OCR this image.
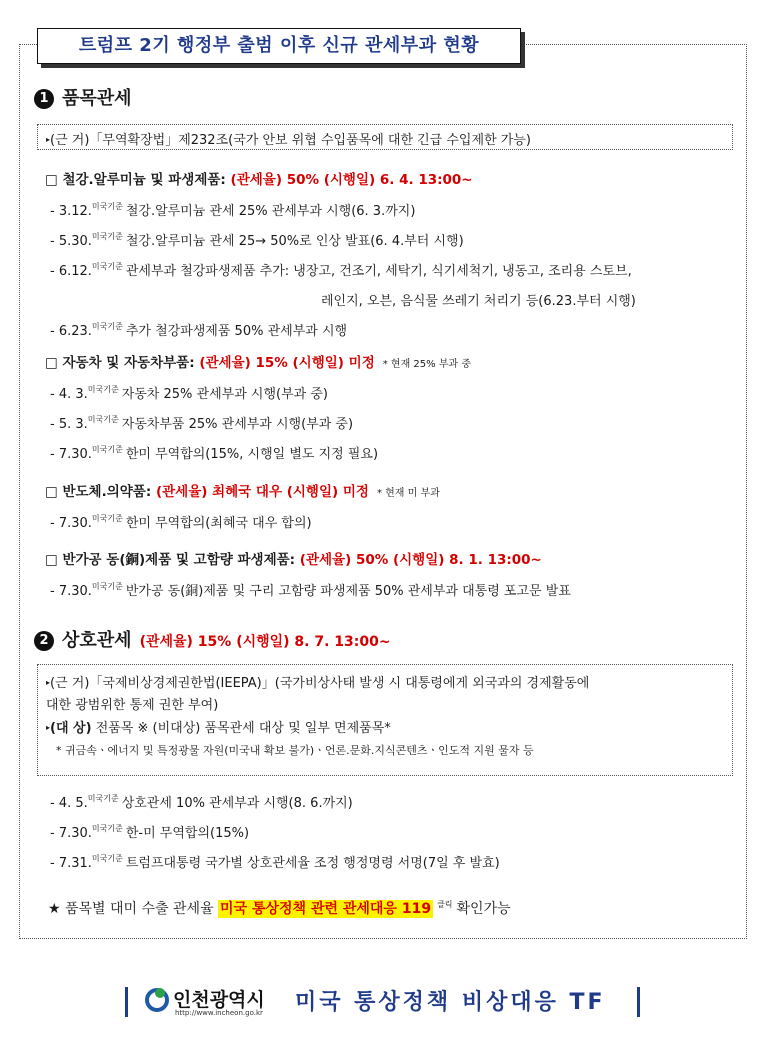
트럼프 2기 행정부 출범 이후 신규 관세부과 현황
1 품목관세
▸(근 거)「무역확장법」제232조(국가 안보 위협 수입품목에 대한 긴급 수입제한 가능)
□ 철강.알루미늄 및 파생제품: (관세율) 50% (시행일) 6. 4. 13:00~
- 3.12.$^{미국기준}$ 철강.알루미늄 관세 25% 관세부과 시행(6. 3.까지)
- 5.30.$^{미국기준}$ 철강.알루미늄 관세 25→ 50%로 인상 발표(6. 4.부터 시행)
- 6.12.$^{미국기준}$ 관세부과 철강파생제품 추가: 냉장고, 건조기, 세탁기, 식기세척기, 냉동고, 조리용 스토브,
레인지, 오븐, 음식물 쓰레기 처리기 등(6.23.부터 시행)
- 6.23.$^{미국기준}$ 추가 철강파생제품 50% 관세부과 시행
□ 자동차 및 자동차부품: (관세율) 15% (시행일) 미정 * 현재 25% 부과 중
- 4. 3.$^{미국기준}$ 자동차 25% 관세부과 시행(부과 중)
- 5. 3.$^{미국기준}$ 자동차부품 25% 관세부과 시행(부과 중)
- 7.30.$^{미국기준}$ 한미 무역합의(15%, 시행일 별도 지정 필요)
□ 반도체.의약품: (관세율) 최혜국 대우 (시행일) 미정 * 현재 미 부과
- 7.30.$^{미국기준}$ 한미 무역합의(최혜국 대우 합의)
□ 반가공 동(銅)제품 및 고함량 파생제품: (관세율) 50% (시행일) 8. 1. 13:00~
- 7.30.$^{미국기준}$ 반가공 동(銅)제품 및 구리 고함량 파생제품 50% 관세부과 대통령 포고문 발표
2 상호관세 (관세율) 15% (시행일) 8. 7. 13:00~
▸(근 거)「국제비상경제권한법(IEEPA)」(국가비상사태 발생 시 대통령에게 외국과의 경제활동에
대한 광범위한 통제 권한 부여)
▸(대 상) 전품목 ※ (비대상) 품목관세 대상 및 일부 면제품목*
* 귀금속ㆍ에너지 및 특정광물 자원(미국내 확보 불가)ㆍ언론.문화.지식콘텐츠ㆍ인도적 지원 물자 등
- 4. 5.$^{미국기준}$ 상호관세 10% 관세부과 시행(8. 6.까지)
- 7.30.$^{미국기준}$ 한-미 무역합의(15%)
- 7.31.$^{미국기준}$ 트럼프대통령 국가별 상호관세율 조정 행정명령 서명(7일 후 발효)
★ 품목별 대미 수출 관세율 미국 통상정책 관련 관세대응 119 $^{클릭}$ 확인가능
인천광역시
http://www.incheon.go.kr 미국 통상정책 비상대응 TF
